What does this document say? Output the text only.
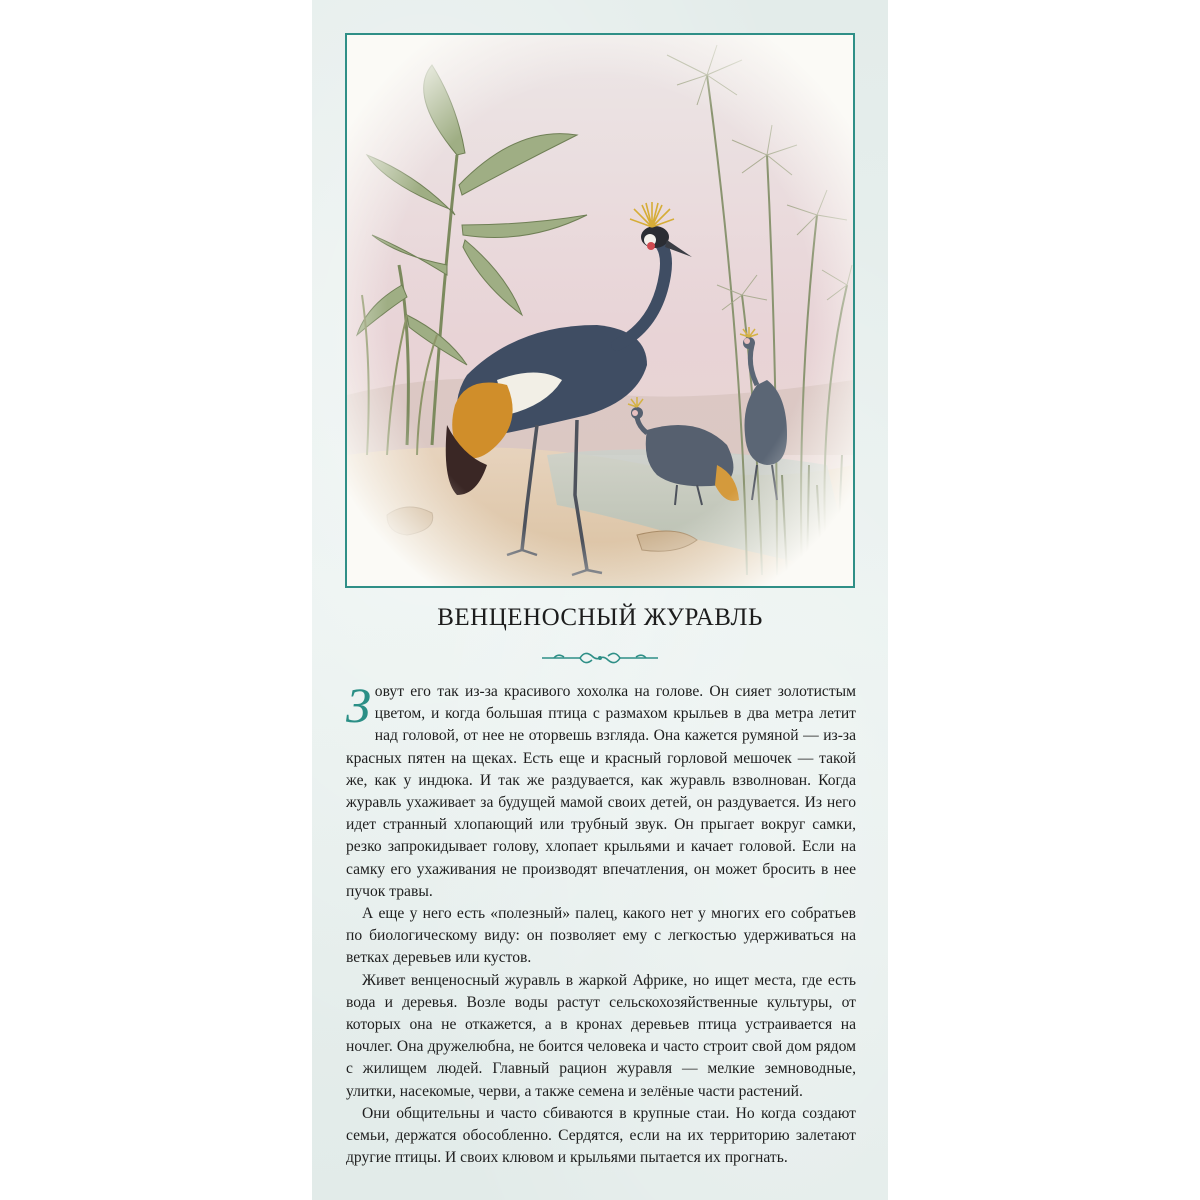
ВЕНЦЕНОСНЫЙ ЖУРАВЛЬ

Зовут его так из-за красивого хохолка на голове. Он сияет золотистым цветом, и когда большая птица с размахом крыльев в два метра летит над головой, от нее не оторвешь взгляда. Она кажется румяной — из-за красных пятен на щеках. Есть еще и красный горловой мешочек — такой же, как у индюка. И так же раздувается, как журавль взволнован. Когда журавль ухаживает за будущей мамой своих детей, он раздувается. Из него идет странный хлопающий или трубный звук. Он прыгает вокруг самки, резко запрокидывает голову, хлопает крыльями и качает головой. Если на самку его ухаживания не производят впечатления, он может бросить в нее пучок травы.

А еще у него есть «полезный» палец, какого нет у многих его собратьев по биологическому виду: он позволяет ему с легкостью удерживаться на ветках деревьев или кустов.

Живет венценосный журавль в жаркой Африке, но ищет места, где есть вода и деревья. Возле воды растут сельскохозяйственные культуры, от которых она не откажется, а в кронах деревьев птица устраивается на ночлег. Она дружелюбна, не боится человека и часто строит свой дом рядом с жилищем людей. Главный рацион журавля — мелкие земноводные, улитки, насекомые, черви, а также семена и зелёные части растений.

Они общительны и часто сбиваются в крупные стаи. Но когда создают семьи, держатся обособленно. Сердятся, если на их территорию залетают другие птицы. И своих клювом и крыльями пытается их прогнать.
